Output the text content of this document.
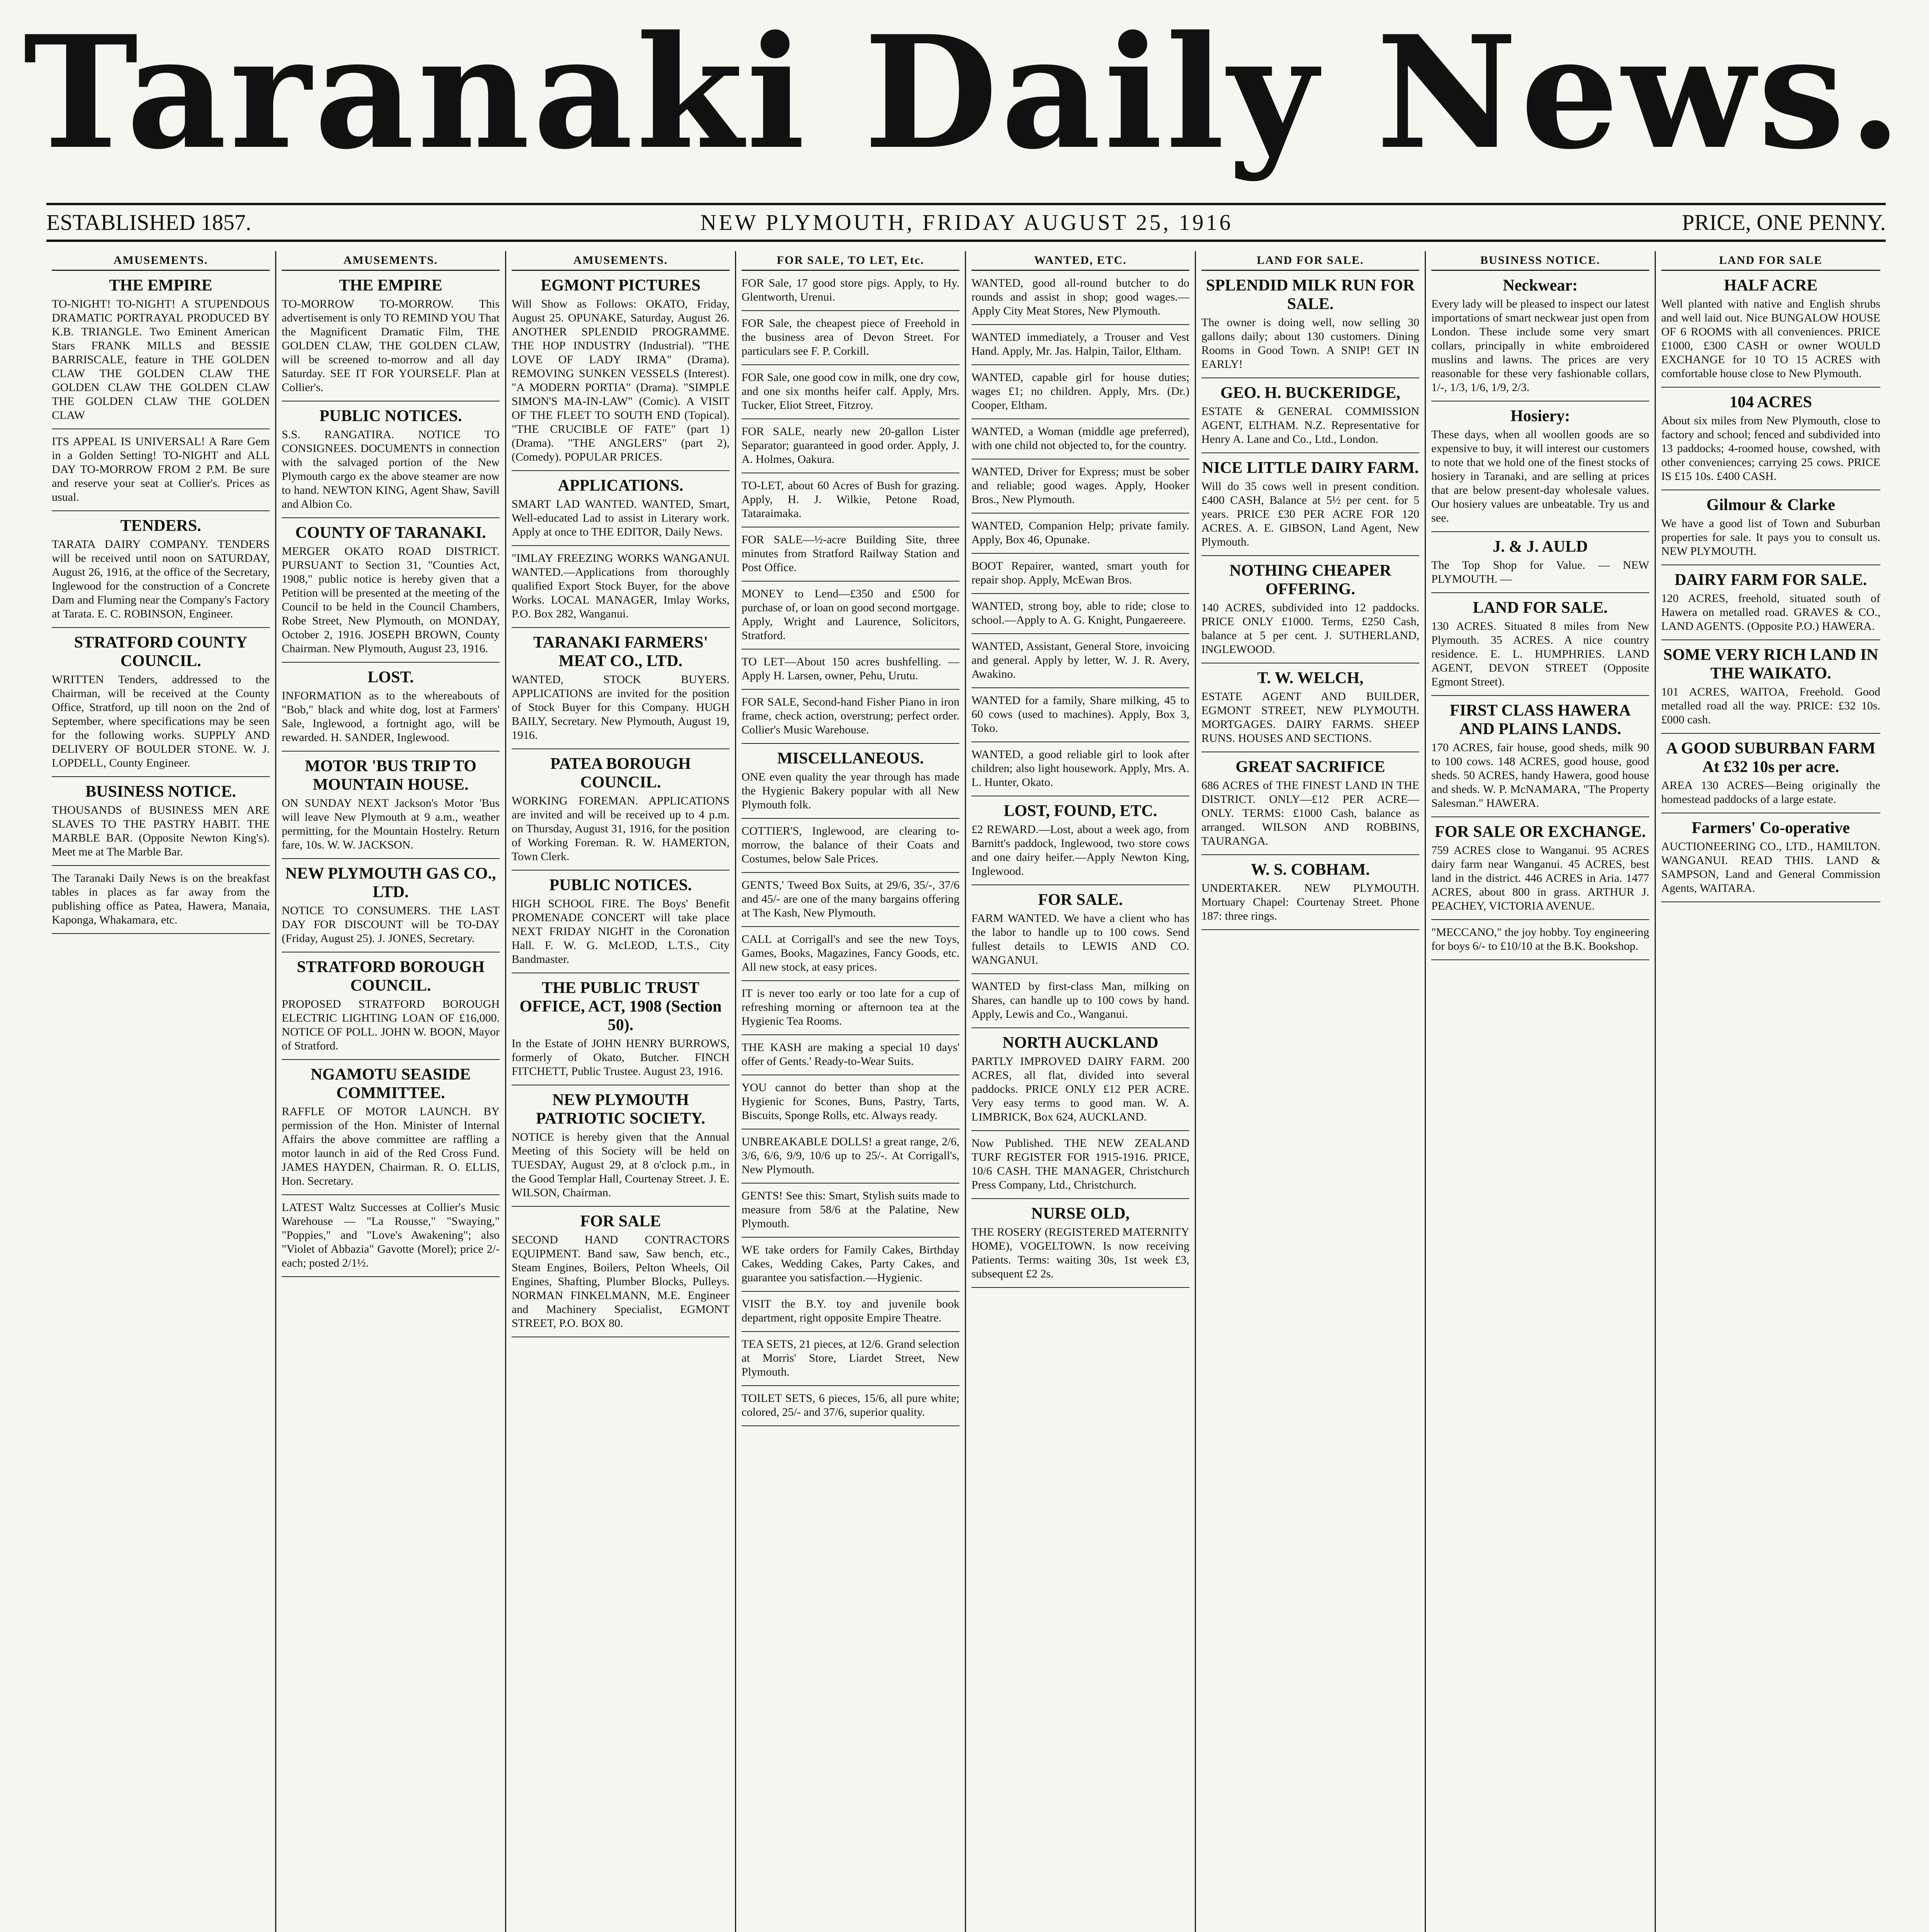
Taranaki Daily News.
ESTABLISHED 1857.	NEW PLYMOUTH, FRIDAY AUGUST 25, 1916	PRICE, ONE PENNY.
AMUSEMENTS.
THE EMPIRE
TO-NIGHT! TO-NIGHT! A STUPENDOUS DRAMATIC PORTRAYAL PRODUCED BY K.B. TRIANGLE. Two Eminent American Stars FRANK MILLS and BESSIE BARRISCALE, feature in THE GOLDEN CLAW THE GOLDEN CLAW THE GOLDEN CLAW THE GOLDEN CLAW THE GOLDEN CLAW THE GOLDEN CLAW
ITS APPEAL IS UNIVERSAL! A Rare Gem in a Golden Setting! TO-NIGHT and ALL DAY TO-MORROW FROM 2 P.M. Be sure and reserve your seat at Collier's. Prices as usual.
TENDERS.
TARATA DAIRY COMPANY. TENDERS will be received until noon on SATURDAY, August 26, 1916, at the office of the Secretary, Inglewood for the construction of a Concrete Dam and Fluming near the Company's Factory at Tarata. E. C. ROBINSON, Engineer.
STRATFORD COUNTY COUNCIL.
WRITTEN Tenders, addressed to the Chairman, will be received at the County Office, Stratford, up till noon on the 2nd of September, where specifications may be seen for the following works. SUPPLY AND DELIVERY OF BOULDER STONE. W. J. LOPDELL, County Engineer.
BUSINESS NOTICE.
THOUSANDS of BUSINESS MEN ARE SLAVES TO THE PASTRY HABIT. THE MARBLE BAR. (Opposite Newton King's). Meet me at The Marble Bar.
The Taranaki Daily News is on the breakfast tables in places as far away from the publishing office as Patea, Hawera, Manaia, Kaponga, Whakamara, etc.
AMUSEMENTS.
THE EMPIRE
TO-MORROW TO-MORROW. This advertisement is only TO REMIND YOU That the Magnificent Dramatic Film, THE GOLDEN CLAW, THE GOLDEN CLAW, will be screened to-morrow and all day Saturday. SEE IT FOR YOURSELF. Plan at Collier's.
PUBLIC NOTICES.
S.S. RANGATIRA. NOTICE TO CONSIGNEES. DOCUMENTS in connection with the salvaged portion of the New Plymouth cargo ex the above steamer are now to hand. NEWTON KING, Agent Shaw, Savill and Albion Co.
COUNTY OF TARANAKI.
MERGER OKATO ROAD DISTRICT. PURSUANT to Section 31, "Counties Act, 1908," public notice is hereby given that a Petition will be presented at the meeting of the Council to be held in the Council Chambers, Robe Street, New Plymouth, on MONDAY, October 2, 1916. JOSEPH BROWN, County Chairman. New Plymouth, August 23, 1916.
LOST.
INFORMATION as to the whereabouts of "Bob," black and white dog, lost at Farmers' Sale, Inglewood, a fortnight ago, will be rewarded. H. SANDER, Inglewood.
MOTOR 'BUS TRIP TO MOUNTAIN HOUSE.
ON SUNDAY NEXT Jackson's Motor 'Bus will leave New Plymouth at 9 a.m., weather permitting, for the Mountain Hostelry. Return fare, 10s. W. W. JACKSON.
NEW PLYMOUTH GAS CO., LTD.
NOTICE TO CONSUMERS. THE LAST DAY FOR DISCOUNT will be TO-DAY (Friday, August 25). J. JONES, Secretary.
STRATFORD BOROUGH COUNCIL.
PROPOSED STRATFORD BOROUGH ELECTRIC LIGHTING LOAN OF £16,000. NOTICE OF POLL. JOHN W. BOON, Mayor of Stratford.
NGAMOTU SEASIDE COMMITTEE.
RAFFLE OF MOTOR LAUNCH. BY permission of the Hon. Minister of Internal Affairs the above committee are raffling a motor launch in aid of the Red Cross Fund. JAMES HAYDEN, Chairman. R. O. ELLIS, Hon. Secretary.
LATEST Waltz Successes at Collier's Music Warehouse — "La Rousse," "Swaying," "Poppies," and "Love's Awakening"; also "Violet of Abbazia" Gavotte (Morel); price 2/- each; posted 2/1½.
AMUSEMENTS.
EGMONT PICTURES
Will Show as Follows: OKATO, Friday, August 25. OPUNAKE, Saturday, August 26. ANOTHER SPLENDID PROGRAMME. THE HOP INDUSTRY (Industrial). "THE LOVE OF LADY IRMA" (Drama). REMOVING SUNKEN VESSELS (Interest). "A MODERN PORTIA" (Drama). "SIMPLE SIMON'S MA-IN-LAW" (Comic). A VISIT OF THE FLEET TO SOUTH END (Topical). "THE CRUCIBLE OF FATE" (part 1) (Drama). "THE ANGLERS" (part 2), (Comedy). POPULAR PRICES.
APPLICATIONS.
SMART LAD WANTED. WANTED, Smart, Well-educated Lad to assist in Literary work. Apply at once to THE EDITOR, Daily News.
"IMLAY FREEZING WORKS WANGANUI. WANTED.—Applications from thoroughly qualified Export Stock Buyer, for the above Works. LOCAL MANAGER, Imlay Works, P.O. Box 282, Wanganui.
TARANAKI FARMERS' MEAT CO., LTD.
WANTED, STOCK BUYERS. APPLICATIONS are invited for the position of Stock Buyer for this Company. HUGH BAILY, Secretary. New Plymouth, August 19, 1916.
PATEA BOROUGH COUNCIL.
WORKING FOREMAN. APPLICATIONS are invited and will be received up to 4 p.m. on Thursday, August 31, 1916, for the position of Working Foreman. R. W. HAMERTON, Town Clerk.
PUBLIC NOTICES.
HIGH SCHOOL FIRE. The Boys' Benefit PROMENADE CONCERT will take place NEXT FRIDAY NIGHT in the Coronation Hall. F. W. G. McLEOD, L.T.S., City Bandmaster.
THE PUBLIC TRUST OFFICE, ACT, 1908 (Section 50).
In the Estate of JOHN HENRY BURROWS, formerly of Okato, Butcher. FINCH FITCHETT, Public Trustee. August 23, 1916.
NEW PLYMOUTH PATRIOTIC SOCIETY.
NOTICE is hereby given that the Annual Meeting of this Society will be held on TUESDAY, August 29, at 8 o'clock p.m., in the Good Templar Hall, Courtenay Street. J. E. WILSON, Chairman.
FOR SALE
SECOND HAND CONTRACTORS EQUIPMENT. Band saw, Saw bench, etc., Steam Engines, Boilers, Pelton Wheels, Oil Engines, Shafting, Plumber Blocks, Pulleys. NORMAN FINKELMANN, M.E. Engineer and Machinery Specialist, EGMONT STREET, P.O. BOX 80.
FOR SALE, TO LET, Etc.
FOR Sale, 17 good store pigs. Apply, to Hy. Glentworth, Urenui.
FOR Sale, the cheapest piece of Freehold in the business area of Devon Street. For particulars see F. P. Corkill.
FOR Sale, one good cow in milk, one dry cow, and one six months heifer calf. Apply, Mrs. Tucker, Eliot Street, Fitzroy.
FOR SALE, nearly new 20-gallon Lister Separator; guaranteed in good order. Apply, J. A. Holmes, Oakura.
TO-LET, about 60 Acres of Bush for grazing. Apply, H. J. Wilkie, Petone Road, Tataraimaka.
FOR SALE—½-acre Building Site, three minutes from Stratford Railway Station and Post Office.
MONEY to Lend—£350 and £500 for purchase of, or loan on good second mortgage. Apply, Wright and Laurence, Solicitors, Stratford.
TO LET—About 150 acres bushfelling. —Apply H. Larsen, owner, Pehu, Urutu.
FOR SALE, Second-hand Fisher Piano in iron frame, check action, overstrung; perfect order. Collier's Music Warehouse.
MISCELLANEOUS.
ONE even quality the year through has made the Hygienic Bakery popular with all New Plymouth folk.
COTTIER'S, Inglewood, are clearing to-morrow, the balance of their Coats and Costumes, below Sale Prices.
GENTS,' Tweed Box Suits, at 29/6, 35/-, 37/6 and 45/- are one of the many bargains offering at The Kash, New Plymouth.
CALL at Corrigall's and see the new Toys, Games, Books, Magazines, Fancy Goods, etc. All new stock, at easy prices.
IT is never too early or too late for a cup of refreshing morning or afternoon tea at the Hygienic Tea Rooms.
THE KASH are making a special 10 days' offer of Gents.' Ready-to-Wear Suits.
YOU cannot do better than shop at the Hygienic for Scones, Buns, Pastry, Tarts, Biscuits, Sponge Rolls, etc. Always ready.
UNBREAKABLE DOLLS! a great range, 2/6, 3/6, 6/6, 9/9, 10/6 up to 25/-. At Corrigall's, New Plymouth.
GENTS! See this: Smart, Stylish suits made to measure from 58/6 at the Palatine, New Plymouth.
WE take orders for Family Cakes, Birthday Cakes, Wedding Cakes, Party Cakes, and guarantee you satisfaction.—Hygienic.
VISIT the B.Y. toy and juvenile book department, right opposite Empire Theatre.
TEA SETS, 21 pieces, at 12/6. Grand selection at Morris' Store, Liardet Street, New Plymouth.
TOILET SETS, 6 pieces, 15/6, all pure white; colored, 25/- and 37/6, superior quality.
WANTED, ETC.
WANTED, good all-round butcher to do rounds and assist in shop; good wages.—Apply City Meat Stores, New Plymouth.
WANTED immediately, a Trouser and Vest Hand. Apply, Mr. Jas. Halpin, Tailor, Eltham.
WANTED, capable girl for house duties; wages £1; no children. Apply, Mrs. (Dr.) Cooper, Eltham.
WANTED, a Woman (middle age preferred), with one child not objected to, for the country.
WANTED, Driver for Express; must be sober and reliable; good wages. Apply, Hooker Bros., New Plymouth.
WANTED, Companion Help; private family. Apply, Box 46, Opunake.
BOOT Repairer, wanted, smart youth for repair shop. Apply, McEwan Bros.
WANTED, strong boy, able to ride; close to school.—Apply to A. G. Knight, Pungaereere.
WANTED, Assistant, General Store, invoicing and general. Apply by letter, W. J. R. Avery, Awakino.
WANTED for a family, Share milking, 45 to 60 cows (used to machines). Apply, Box 3, Toko.
WANTED, a good reliable girl to look after children; also light housework. Apply, Mrs. A. L. Hunter, Okato.
LOST, FOUND, ETC.
£2 REWARD.—Lost, about a week ago, from Barnitt's paddock, Inglewood, two store cows and one dairy heifer.—Apply Newton King, Inglewood.
FOR SALE.
FARM WANTED. We have a client who has the labor to handle up to 100 cows. Send fullest details to LEWIS AND CO. WANGANUI.
WANTED by first-class Man, milking on Shares, can handle up to 100 cows by hand. Apply, Lewis and Co., Wanganui.
NORTH AUCKLAND
PARTLY IMPROVED DAIRY FARM. 200 ACRES, all flat, divided into several paddocks. PRICE ONLY £12 PER ACRE. Very easy terms to good man. W. A. LIMBRICK, Box 624, AUCKLAND.
Now Published. THE NEW ZEALAND TURF REGISTER FOR 1915-1916. PRICE, 10/6 CASH. THE MANAGER, Christchurch Press Company, Ltd., Christchurch.
NURSE OLD,
THE ROSERY (REGISTERED MATERNITY HOME), VOGELTOWN. Is now receiving Patients. Terms: waiting 30s, 1st week £3, subsequent £2 2s.
LAND FOR SALE.
SPLENDID MILK RUN FOR SALE.
The owner is doing well, now selling 30 gallons daily; about 130 customers. Dining Rooms in Good Town. A SNIP! GET IN EARLY!
GEO. H. BUCKERIDGE,
ESTATE & GENERAL COMMISSION AGENT, ELTHAM. N.Z. Representative for Henry A. Lane and Co., Ltd., London.
NICE LITTLE DAIRY FARM.
Will do 35 cows well in present condition. £400 CASH, Balance at 5½ per cent. for 5 years. PRICE £30 PER ACRE FOR 120 ACRES. A. E. GIBSON, Land Agent, New Plymouth.
NOTHING CHEAPER OFFERING.
140 ACRES, subdivided into 12 paddocks. PRICE ONLY £1000. Terms, £250 Cash, balance at 5 per cent. J. SUTHERLAND, INGLEWOOD.
T. W. WELCH,
ESTATE AGENT AND BUILDER, EGMONT STREET, NEW PLYMOUTH. MORTGAGES. DAIRY FARMS. SHEEP RUNS. HOUSES AND SECTIONS.
GREAT SACRIFICE
686 ACRES of THE FINEST LAND IN THE DISTRICT. ONLY—£12 PER ACRE—ONLY. TERMS: £1000 Cash, balance as arranged. WILSON AND ROBBINS, TAURANGA.
W. S. COBHAM.
UNDERTAKER. NEW PLYMOUTH. Mortuary Chapel: Courtenay Street. Phone 187: three rings.
BUSINESS NOTICE.
Neckwear:
Every lady will be pleased to inspect our latest importations of smart neckwear just open from London. These include some very smart collars, principally in white embroidered muslins and lawns. The prices are very reasonable for these very fashionable collars, 1/-, 1/3, 1/6, 1/9, 2/3.
Hosiery:
These days, when all woollen goods are so expensive to buy, it will interest our customers to note that we hold one of the finest stocks of hosiery in Taranaki, and are selling at prices that are below present-day wholesale values. Our hosiery values are unbeatable. Try us and see.
J. & J. AULD
The Top Shop for Value. — NEW PLYMOUTH. —
LAND FOR SALE.
130 ACRES. Situated 8 miles from New Plymouth. 35 ACRES. A nice country residence. E. L. HUMPHRIES. LAND AGENT, DEVON STREET (Opposite Egmont Street).
FIRST CLASS HAWERA AND PLAINS LANDS.
170 ACRES, fair house, good sheds, milk 90 to 100 cows. 148 ACRES, good house, good sheds. 50 ACRES, handy Hawera, good house and sheds. W. P. McNAMARA, "The Property Salesman." HAWERA.
FOR SALE OR EXCHANGE.
759 ACRES close to Wanganui. 95 ACRES dairy farm near Wanganui. 45 ACRES, best land in the district. 446 ACRES in Aria. 1477 ACRES, about 800 in grass. ARTHUR J. PEACHEY, VICTORIA AVENUE.
"MECCANO," the joy hobby. Toy engineering for boys 6/- to £10/10 at the B.K. Bookshop.
LAND FOR SALE
HALF ACRE
Well planted with native and English shrubs and well laid out. Nice BUNGALOW HOUSE OF 6 ROOMS with all conveniences. PRICE £1000, £300 CASH or owner WOULD EXCHANGE for 10 TO 15 ACRES with comfortable house close to New Plymouth.
104 ACRES
About six miles from New Plymouth, close to factory and school; fenced and subdivided into 13 paddocks; 4-roomed house, cowshed, with other conveniences; carrying 25 cows. PRICE IS £15 10s. £400 CASH.
Gilmour & Clarke
We have a good list of Town and Suburban properties for sale. It pays you to consult us. NEW PLYMOUTH.
DAIRY FARM FOR SALE.
120 ACRES, freehold, situated south of Hawera on metalled road. GRAVES & CO., LAND AGENTS. (Opposite P.O.) HAWERA.
SOME VERY RICH LAND IN THE WAIKATO.
101 ACRES, WAITOA, Freehold. Good metalled road all the way. PRICE: £32 10s. £000 cash.
A GOOD SUBURBAN FARM At £32 10s per acre.
AREA 130 ACRES—Being originally the homestead paddocks of a large estate.
Farmers' Co-operative
AUCTIONEERING CO., LTD., HAMILTON. WANGANUI. READ THIS. LAND & SAMPSON, Land and General Commission Agents, WAITARA.
